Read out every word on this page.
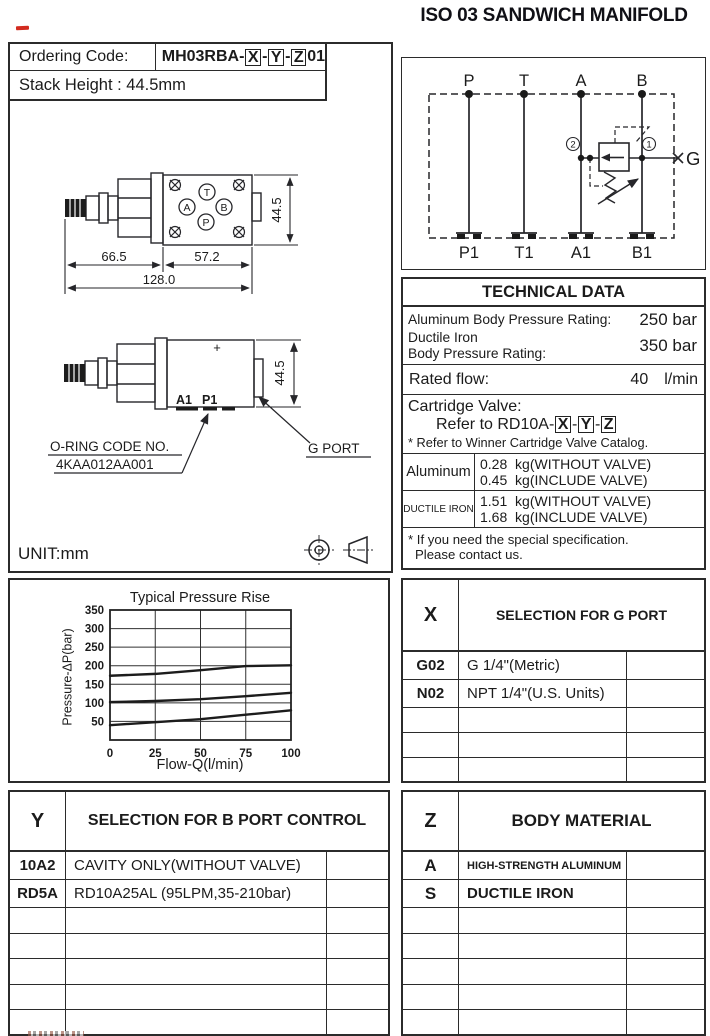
ISO 03 SANDWICH MANIFOLD
Ordering Code:	MH03RBA- X - Y - Z 01
Stack Height : 44.5mm
T
A	B
P
66.5	57.2
128.0
44.5
+
A1 P1
44.5
G PORT
O-RING CODE NO.
4KAA012AA001
UNIT:mm
P	T	A	B
P1 T1 A1 B1
2	1
G
TECHNICAL DATA
Aluminum Body Pressure Rating: 250 bar
Ductile Iron
Body Pressure Rating:	350 bar
Rated flow:	40 l/min
Cartridge Valve:
Refer to RD10A- X - Y - Z
* Refer to Winner Cartridge Valve Catalog.
Aluminum 0.28  kg(WITHOUT VALVE)
0.45  kg(INCLUDE VALVE)
DUCTILE IRON 1.51  kg(WITHOUT VALVE)
1.68  kg(INCLUDE VALVE)
* If you need the special specification.
Please contact us.
Typical Pressure Rise
Pressure-ΔP(bar)
Flow-Q(l/min)
50
100
150
200
250
300
350
0	25	50	75	100
X	SELECTION FOR G PORT
G02	G 1/4"(Metric)
N02	NPT 1/4"(U.S. Units)
Y	SELECTION FOR B PORT CONTROL
10A2	CAVITY ONLY(WITHOUT VALVE)
RD5A	RD10A25AL (95LPM,35-210bar)
Z	BODY MATERIAL
A	HIGH-STRENGTH ALUMINUM
S	DUCTILE IRON
